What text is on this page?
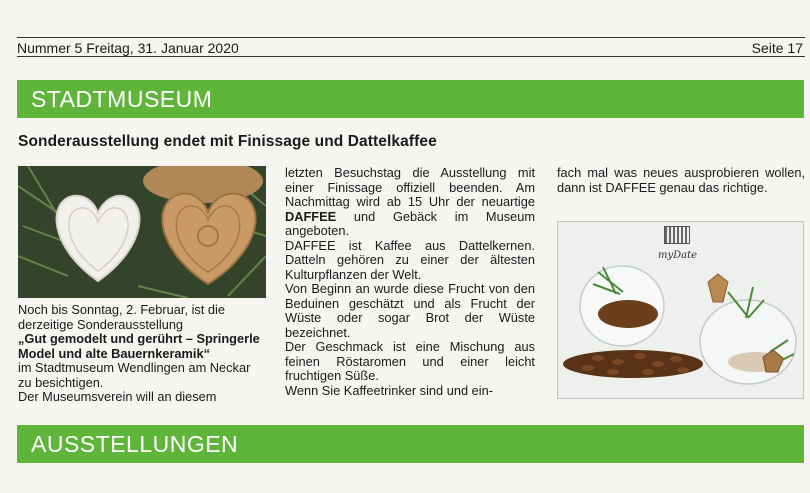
Nummer 5 Freitag, 31. Januar 2020	Seite 17
STADTMUSEUM
Sonderausstellung endet mit Finissage und Dattelkaffee

Noch bis Sonntag, 2. Februar, ist die derzeitige Sonderausstellung
„Gut gemodelt und gerührt – Springerle Model und alte Bauernkeramik“
im Stadtmuseum Wendlingen am Neckar zu besichtigen.

Der Museumsverein will an diesem

letzten Besuchstag die Ausstellung mit einer Finissage offiziell beenden. Am Nachmittag wird ab 15 Uhr der neuartige DAFFEE und Gebäck im Museum angeboten.

DAFFEE ist Kaffee aus Dattelkernen. Datteln gehören zu einer der ältesten Kulturpflanzen der Welt.

Von Beginn an wurde diese Frucht von den Beduinen geschätzt und als Frucht der Wüste oder sogar Brot der Wüste bezeichnet.

Der Geschmack ist eine Mischung aus feinen Röstaromen und einer leicht fruchtigen Süße.

Wenn Sie Kaffeetrinker sind und ein-

fach mal was neues ausprobieren wollen, dann ist DAFFEE genau das richtige.

myDate
AUSSTELLUNGEN
